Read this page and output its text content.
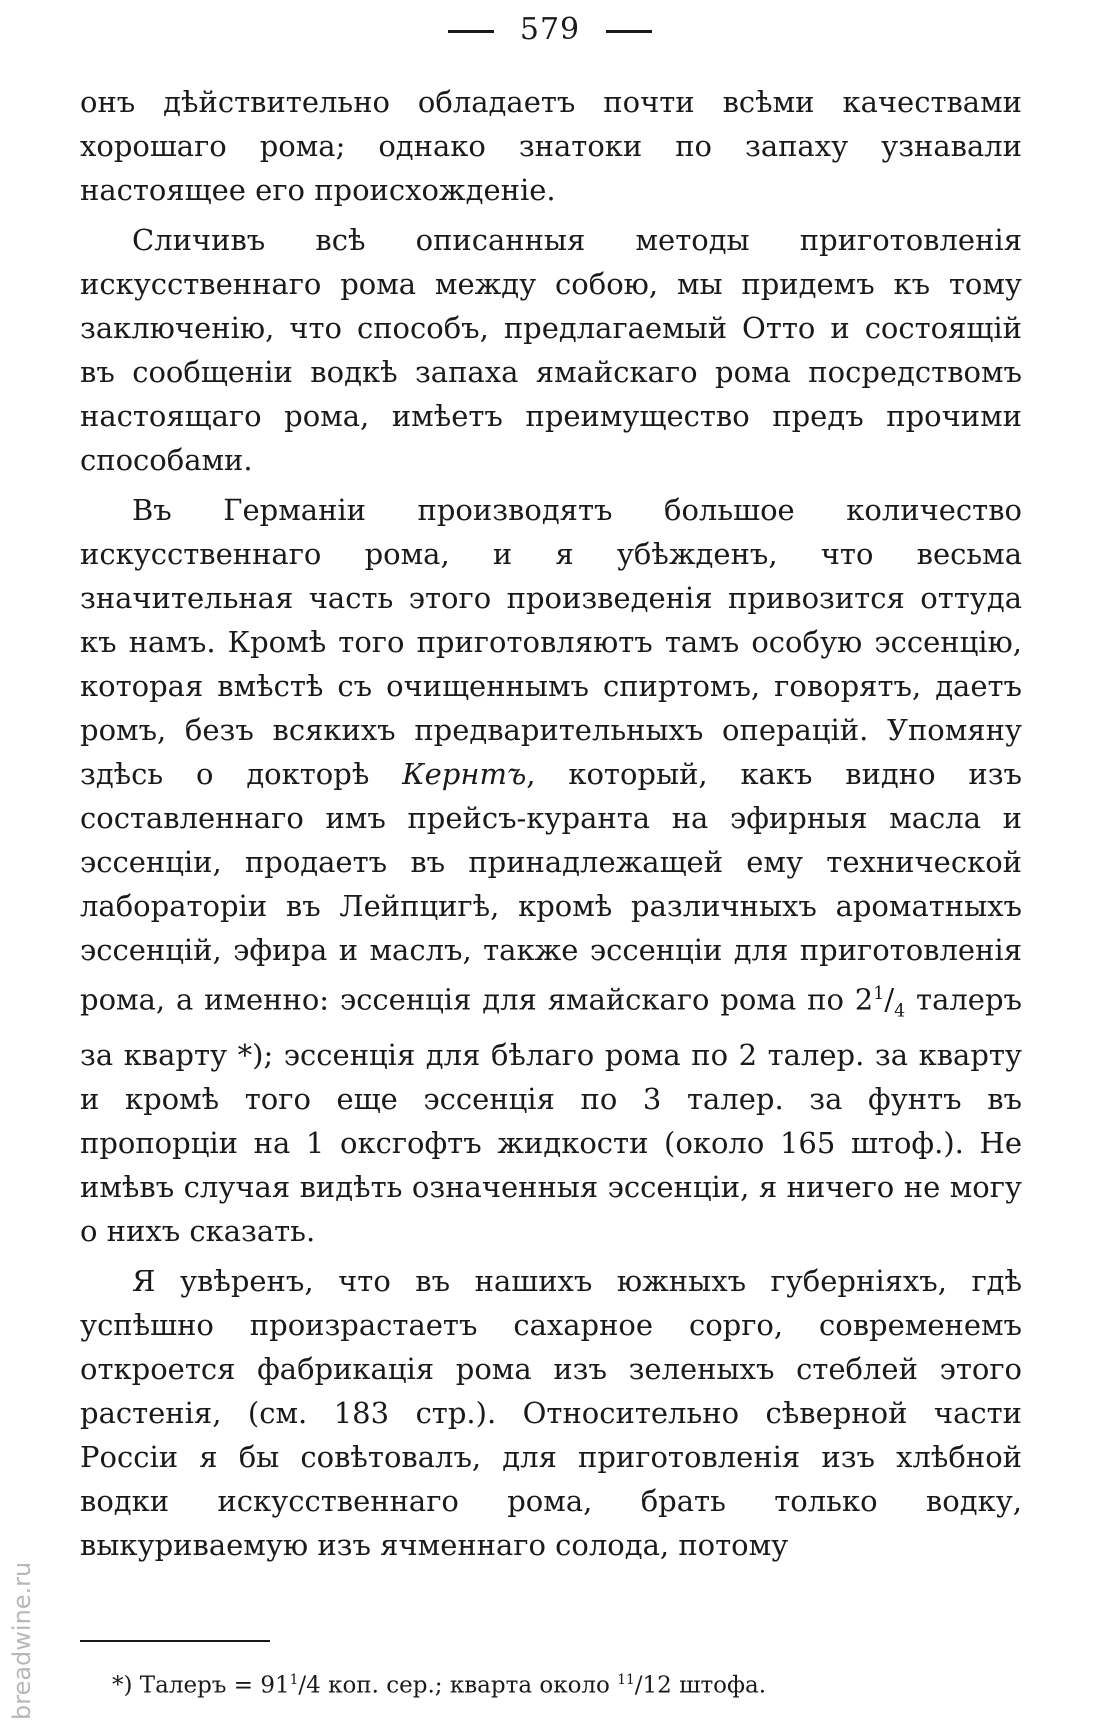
579

онъ дѣйствительно обладаетъ почти всѣми качествами хорошаго рома; однако знатоки по запаху узнавали настоящее его происхожденіе.

Сличивъ всѣ описанныя методы приготовленія искусственнаго рома между собою, мы придемъ къ тому заключенію, что способъ, предлагаемый Отто и состоящій въ сообщеніи водкѣ запаха ямайскаго рома посредствомъ настоящаго рома, имѣетъ преимущество предъ прочими способами.

Въ Германіи производятъ большое количество искусственнаго рома, и я убѣжденъ, что весьма значительная часть этого произведенія привозится оттуда къ намъ. Кромѣ того приготовляютъ тамъ особую эссенцію, которая вмѣстѣ съ очищеннымъ спиртомъ, говорятъ, даетъ ромъ, безъ всякихъ предварительныхъ операцій. Упомяну здѣсь о докторѣ Кернтъ, который, какъ видно изъ составленнаго имъ прейсъ-куранта на эфирныя масла и эссенціи, продаетъ въ принадлежащей ему технической лабораторіи въ Лейпцигѣ, кромѣ различныхъ ароматныхъ эссенцій, эфира и маслъ, также эссенціи для приготовленія рома, а именно: эссенція для ямайскаго рома по $2^1/_4$ талеръ за кварту *); эссенція для бѣлаго рома по 2 талер. за кварту и кромѣ того еще эссенція по 3 талер. за фунтъ въ пропорціи на 1 оксгофтъ жидкости (около 165 штоф.). Не имѣвъ случая видѣть означенныя эссенціи, я ничего не могу о нихъ сказать.

Я увѣренъ, что въ нашихъ южныхъ губерніяхъ, гдѣ успѣшно произрастаетъ сахарное сорго, современемъ откроется фабрикація рома изъ зеленыхъ стеблей этого растенія, (см. 183 стр.). Относительно сѣверной части Россіи я бы совѣтовалъ, для приготовленія изъ хлѣбной водки искусственнаго рома, брать только водку, выкуриваемую изъ ячменнаго солода, потому

*) Талеръ = $91^1/4$ коп. сер.; кварта около $^{11}$/12 штофа.
breadwine.ru
